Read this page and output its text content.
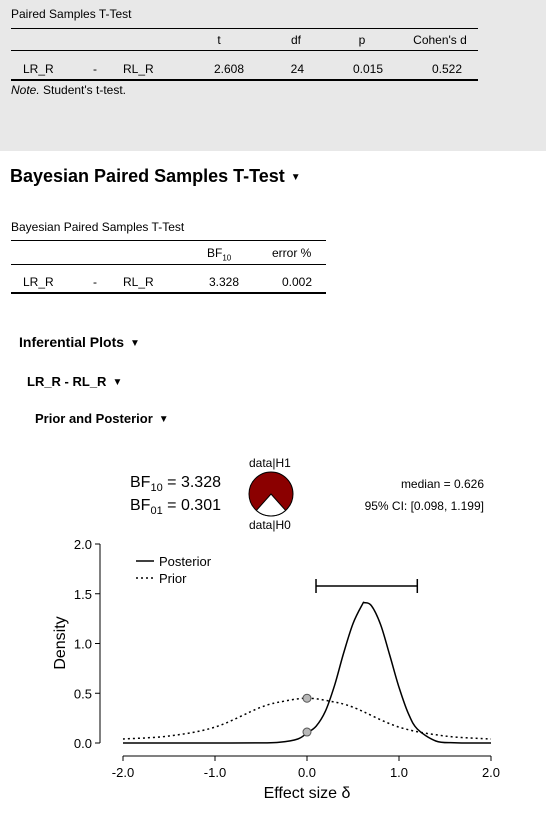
Paired Samples T-Test
t	df	p	Cohen's d
LR_R	- RL_R	2.608	24	0.015	0.522
Note. Student's t-test.
Bayesian Paired Samples T-Test ▼
Bayesian Paired Samples T-Test
$BF_{10}$	error %
LR_R	- RL_R	3.328	0.002
Inferential Plots ▼
LR_R - RL_R ▼
Prior and Posterior ▼
$BF_{10} = 3.328$
$BF_{01} = 0.301$
data|H1
data|H0
median = 0.626
95% CI: [0.098, 1.199]
0.0
0.5
1.0
1.5
2.0
Density
-2.0	-1.0	0.0	1.0	2.0
Effect size δ
Posterior
Prior
